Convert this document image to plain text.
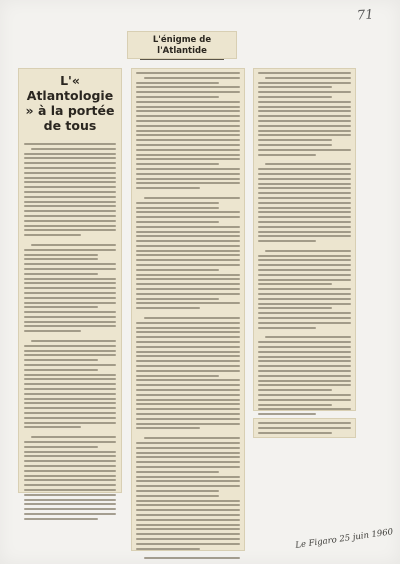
71
L'énigme de l'Atlantide
L'« Atlantologie » à la portée de tous
Le Figaro 25 juin 1960
